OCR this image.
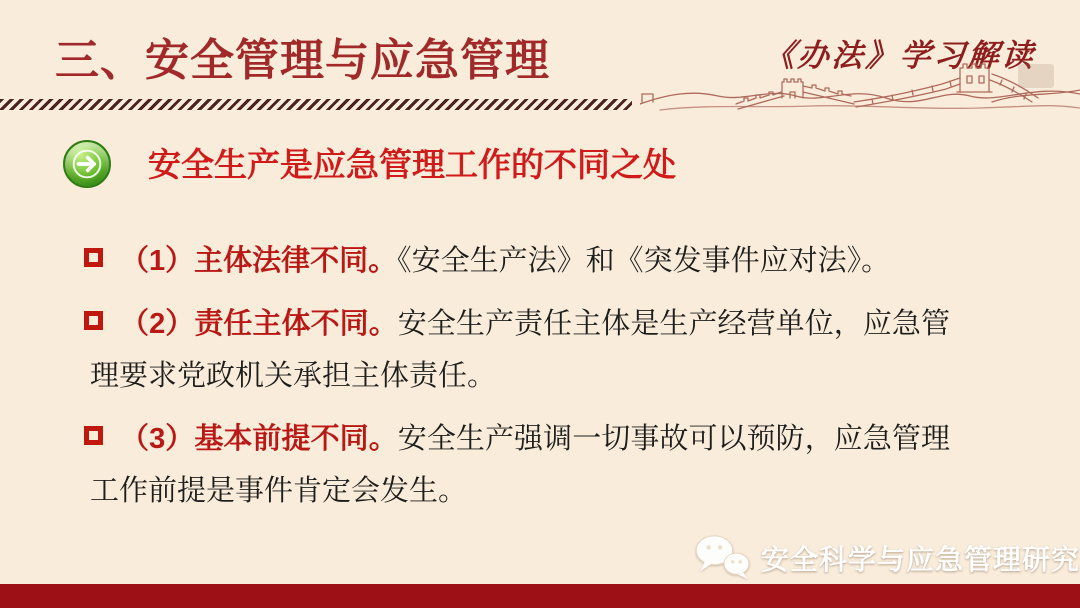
三、安全管理与应急管理	《办法》学习解读
安全生产是应急管理工作的不同之处
（1）主体法律不同。《安全生产法》和《突发事件应对法》。
（2）责任主体不同。安全生产责任主体是生产经营单位，应急管理要求党政机关承担主体责任。
（3）基本前提不同。安全生产强调一切事故可以预防，应急管理工作前提是事件肯定会发生。
安全科学与应急管理研究
